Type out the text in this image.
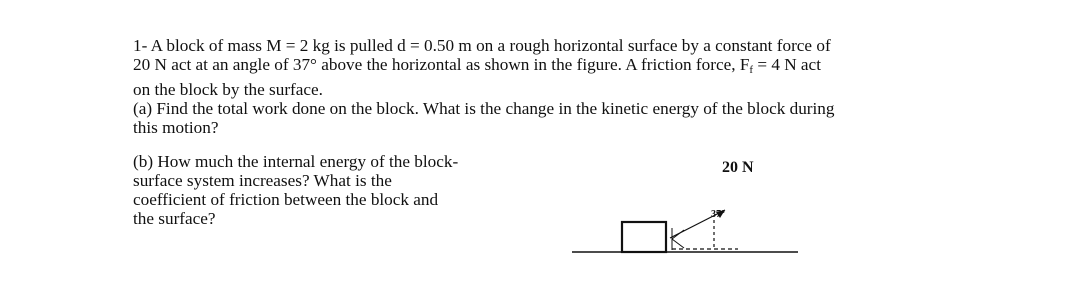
1- A block of mass M = 2 kg is pulled d = 0.50 m on a rough horizontal surface by a constant force of
20 N act at an angle of 37° above the horizontal as shown in the figure. A friction force, $F_f = 4$ N act
on the block by the surface.
(a) Find the total work done on the block. What is the change in the kinetic energy of the block during
this motion?
(b) How much the internal energy of the block-
surface system increases? What is the
coefficient of friction between the block and
the surface?
20 N
37°
